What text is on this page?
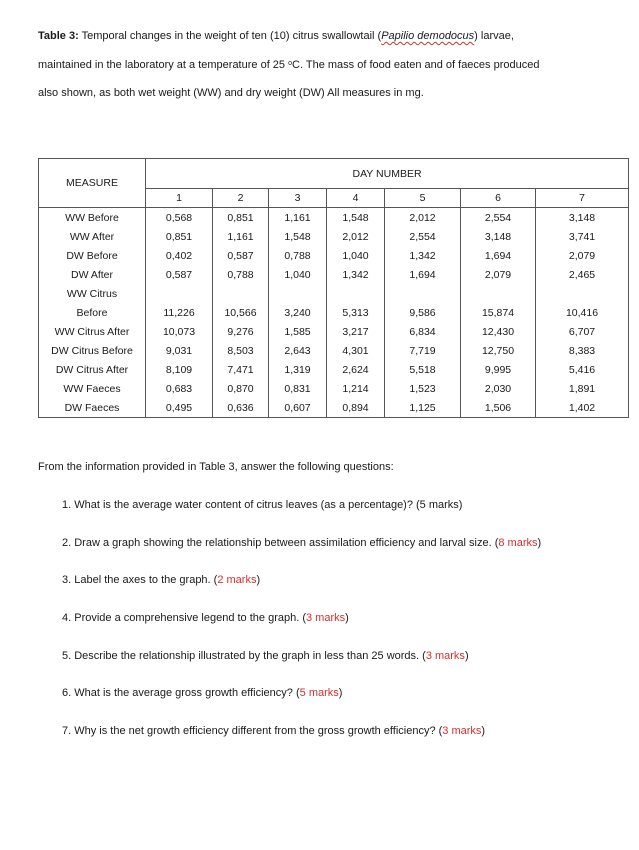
Table 3: Temporal changes in the weight of ten (10) citrus swallowtail (Papilio demodocus) larvae,
maintained in the laboratory at a temperature of 25 $^o$C. The mass of food eaten and of faeces produced
also shown, as both wet weight (WW) and dry weight (DW) All measures in mg.
MEASURE	DAY NUMBER						
	1	2	3	4	5	6	7
WW Before	0,568	0,851	1,161	1,548	2,012	2,554	3,148
WW After	0,851	1,161	1,548	2,012	2,554	3,148	3,741
DW Before	0,402	0,587	0,788	1,040	1,342	1,694	2,079
DW After	0,587	0,788	1,040	1,342	1,694	2,079	2,465
WW Citrus							
Before	11,226	10,566	3,240	5,313	9,586	15,874	10,416
WW Citrus After	10,073	9,276	1,585	3,217	6,834	12,430	6,707
DW Citrus Before	9,031	8,503	2,643	4,301	7,719	12,750	8,383
DW Citrus After	8,109	7,471	1,319	2,624	5,518	9,995	5,416
WW Faeces	0,683	0,870	0,831	1,214	1,523	2,030	1,891
DW Faeces	0,495	0,636	0,607	0,894	1,125	1,506	1,402
From the information provided in Table 3, answer the following questions:
1. What is the average water content of citrus leaves (as a percentage)? (5 marks)
2. Draw a graph showing the relationship between assimilation efficiency and larval size. (8 marks)
3. Label the axes to the graph. (2 marks)
4. Provide a comprehensive legend to the graph. (3 marks)
5. Describe the relationship illustrated by the graph in less than 25 words. (3 marks)
6. What is the average gross growth efficiency? (5 marks)
7. Why is the net growth efficiency different from the gross growth efficiency? (3 marks)
